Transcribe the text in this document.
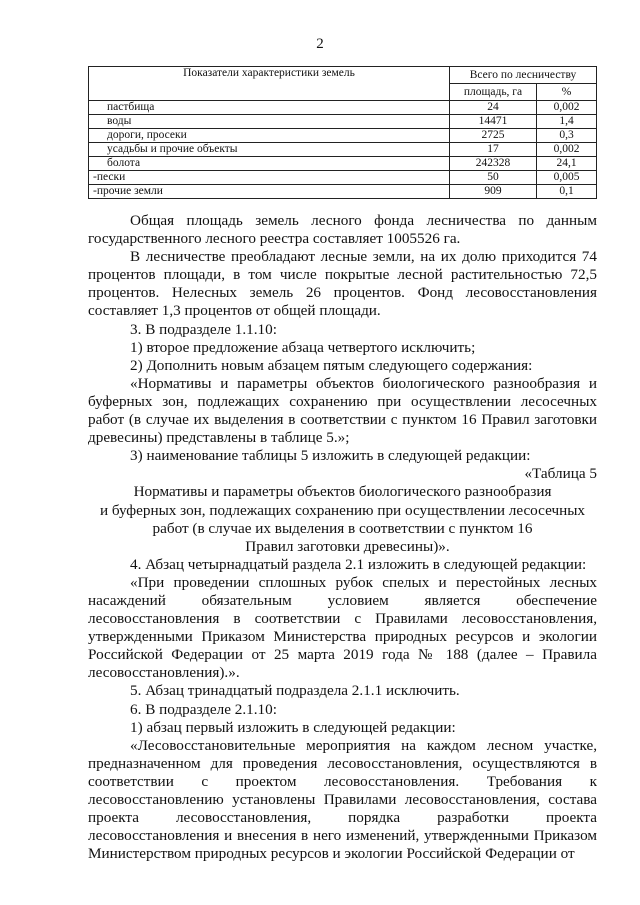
2
Показатели характеристики земель	Всего по лесничеству	
	площадь, га	%
пастбища	24	0,002
воды	14471	1,4
дороги, просеки	2725	0,3
усадьбы и прочие объекты	17	0,002
болота	242328	24,1
-пески	50	0,005
-прочие земли	909	0,1

Общая площадь земель лесного фонда лесничества по данным государственного лесного реестра составляет 1005526 га.

В лесничестве преобладают лесные земли, на их долю приходится 74 процентов площади, в том числе покрытые лесной растительностью 72,5 процентов. Нелесных земель 26 процентов. Фонд лесовосстановления составляет 1,3 процентов от общей площади.

3. В подразделе 1.1.10:

1) второе предложение абзаца четвертого исключить;

2) Дополнить новым абзацем пятым следующего содержания:

«Нормативы и параметры объектов биологического разнообразия и буферных зон, подлежащих сохранению при осуществлении лесосечных работ (в случае их выделения в соответствии с пунктом 16 Правил заготовки древесины) представлены в таблице 5.»;

3) наименование таблицы 5 изложить в следующей редакции:

«Таблица 5

Нормативы и параметры объектов биологического разнообразия

и буферных зон, подлежащих сохранению при осуществлении лесосечных

работ (в случае их выделения в соответствии с пунктом 16

Правил заготовки древесины)».

4. Абзац четырнадцатый раздела 2.1 изложить в следующей редакции:

«При проведении сплошных рубок спелых и перестойных лесных насаждений обязательным условием является обеспечение лесовосстановления в соответствии с Правилами лесовосстановления, утвержденными Приказом Министерства природных ресурсов и экологии Российской Федерации от 25 марта 2019 года № 188 (далее – Правила лесовосстановления).».

5. Абзац тринадцатый подраздела 2.1.1 исключить.

6. В подразделе 2.1.10:

1) абзац первый изложить в следующей редакции:

«Лесовосстановительные мероприятия на каждом лесном участке, предназначенном для проведения лесовосстановления, осуществляются в соответствии с проектом лесовосстановления. Требования к лесовосстановлению установлены Правилами лесовосстановления, состава проекта лесовосстановления, порядка разработки проекта лесовосстановления и внесения в него изменений, утвержденными Приказом Министерством природных ресурсов и экологии Российской Федерации от
